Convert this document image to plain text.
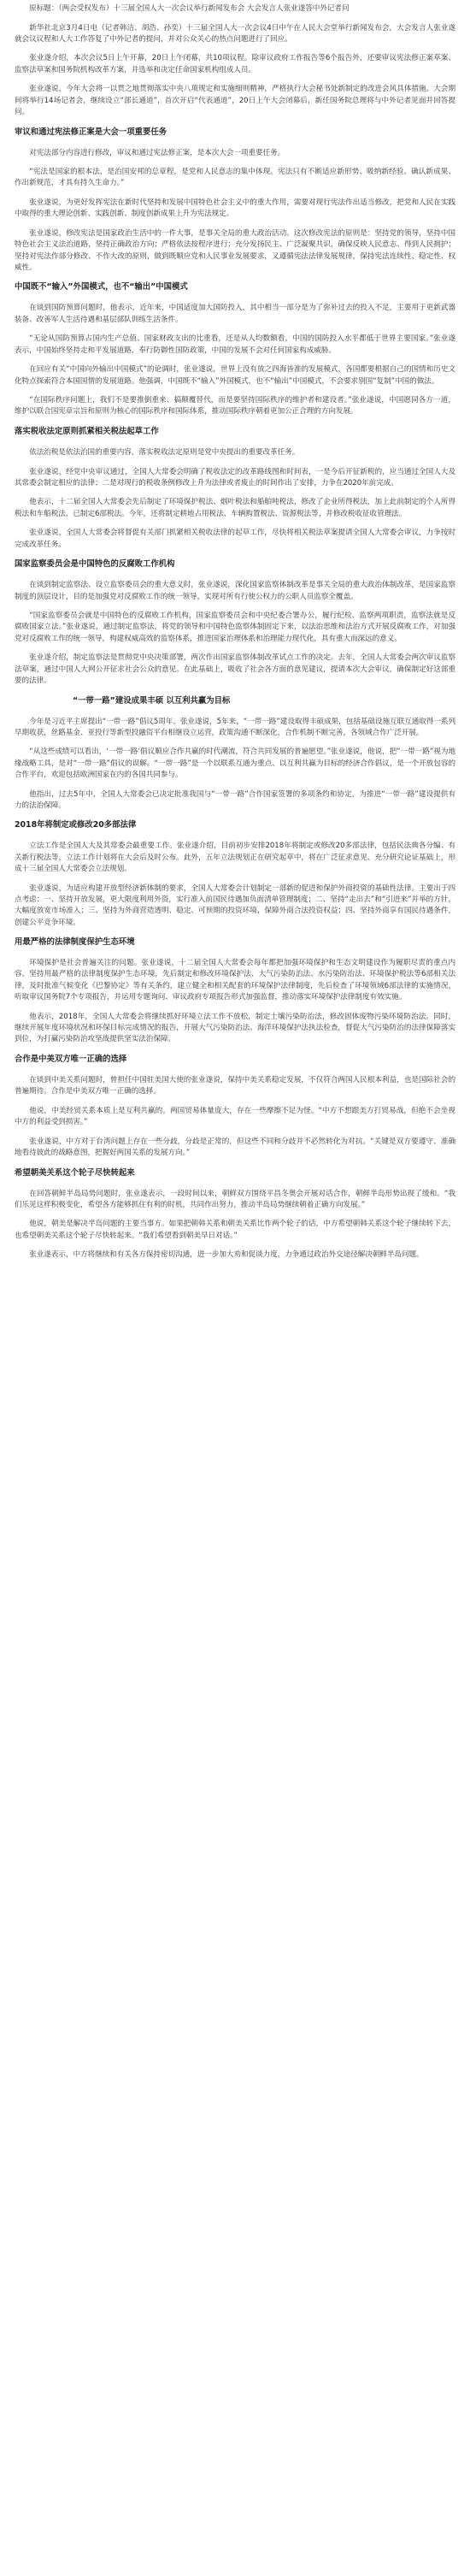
原标题：（两会受权发布）十三届全国人大一次会议举行新闻发布会 大会发言人张业遂答中外记者问

新华社北京3月4日电（记者韩洁、胡浩、孙奕）十三届全国人大一次会议4日中午在人民大会堂举行新闻发布会，大会发言人张业遂就会议议程和人大工作答复了中外记者的提问，并对公众关心的热点问题进行了回应。

张业遂介绍，本次会议5日上午开幕，20日上午闭幕，共10项议程。除审议政府工作报告等6个报告外，还要审议宪法修正案草案、监察法草案和国务院机构改革方案，并选举和决定任命国家机构组成人员。

张业遂说，今年大会将一以贯之地贯彻落实中央八项规定和实施细则精神，严格执行大会秘书处新制定的改进会风具体措施。大会期间将举行14场记者会，继续设立“部长通道”，首次开启“代表通道”，20日上午大会闭幕后，新任国务院总理将与中外记者见面并回答提问。

审议和通过宪法修正案是大会一项重要任务

对宪法部分内容进行修改，审议和通过宪法修正案，是本次大会一项重要任务。

“宪法是国家的根本法，是治国安邦的总章程，是党和人民意志的集中体现。宪法只有不断适应新形势、吸纳新经验、确认新成果、作出新规范，才具有持久生命力。”

张业遂说，为更好发挥宪法在新时代坚持和发展中国特色社会主义中的重大作用，需要对现行宪法作出适当修改，把党和人民在实践中取得的重大理论创新、实践创新、制度创新成果上升为宪法规定。

张业遂说，修改宪法是国家政治生活中的一件大事，是事关全局的重大政治活动。这次修改宪法的原则是：坚持党的领导，坚持中国特色社会主义法治道路，坚持正确政治方向；严格依法按程序进行；充分发扬民主、广泛凝聚共识，确保反映人民意志、得到人民拥护；坚持对宪法作部分修改、不作大改的原则，做到既顺应党和人民事业发展要求，又遵循宪法法律发展规律，保持宪法连续性、稳定性、权威性。

中国既不“输入”外国模式，也不“输出”中国模式

在谈到国防预算问题时，他表示，近年来，中国适度加大国防投入，其中相当一部分是为了弥补过去的投入不足，主要用于更新武器装备、改善军人生活待遇和基层部队训练生活条件。

“无论从国防预算占国内生产总值、国家财政支出的比重看，还是从人均数额看，中国的国防投入水平都低于世界主要国家。”张业遂表示，中国始终坚持走和平发展道路，奉行防御性国防政策，中国的发展不会对任何国家构成威胁。

在回应有关“中国向外输出中国模式”的论调时，张业遂说，世界上没有放之四海皆准的发展模式，各国都要根据自己的国情和历史文化特点探索符合本国国情的发展道路。他强调，中国既不“输入”外国模式，也不“输出”中国模式，不会要求别国“复制”中国的做法。

“在国际秩序问题上，我们不是要推倒重来、搞颠覆替代，而是要坚持国际秩序的维护者和建设者。”张业遂说，中国愿同各方一道，维护以联合国宪章宗旨和原则为核心的国际秩序和国际体系，推动国际秩序朝着更加公正合理的方向发展。

落实税收法定原则抓紧相关税法起草工作

依法治税是依法治国的重要内容，落实税收法定原则是党中央提出的重要改革任务。

张业遂说，经党中央审议通过，全国人大常委会明确了税收法定的改革路线图和时间表，一是今后开征新税的，应当通过全国人大及其常委会制定相应的法律；二是对现行的税收条例修改上升为法律或者废止的时间作出了安排，力争在2020年前完成。

他表示，十二届全国人大常委会先后制定了环境保护税法、烟叶税法和船舶吨税法，修改了企业所得税法，加上此前制定的个人所得税法和车船税法，已制定6部税法。今年，还将制定耕地占用税法、车辆购置税法、资源税法等，并修改税收征收管理法。

张业遂说，全国人大常委会将督促有关部门抓紧相关税收法律的起草工作，尽快将相关税法草案提请全国人大常委会审议，力争按时完成改革任务。

国家监察委员会是中国特色的反腐败工作机构

在谈到制定监察法、设立监察委员会的重大意义时，张业遂说，深化国家监察体制改革是事关全局的重大政治体制改革，是国家监察制度的顶层设计，目的是加强党对反腐败工作的统一领导，实现对所有行使公权力的公职人员监察全覆盖。

“国家监察委员会就是中国特色的反腐败工作机构，国家监察委员会和中央纪委合署办公，履行纪检、监察两项职责，监察法就是反腐败国家立法。”张业遂说，通过制定监察法，将党的领导和中国特色监察体制固定下来，以法治思维和法治方式开展反腐败工作，对加强党对反腐败工作的统一领导，构建权威高效的监察体系，推进国家治理体系和治理能力现代化，具有重大而深远的意义。

张业遂介绍，制定监察法是贯彻党中央决策部署，两次作出国家监察体制改革试点工作的决定。去年，全国人大常委会两次审议监察法草案，通过中国人大网公开征求社会公众的意见。在此基础上，吸收了社会各方面的意见建议，提请本次大会审议，确保制定好这部重要的法律。

“一带一路”建设成果丰硕 以互利共赢为目标

今年是习近平主席提出“一带一路”倡议5周年。张业遂说，5年来，“一带一路”建设取得丰硕成果，包括基础设施互联互通取得一系列早期收获，丝路基金、亚投行等新型投融资平台相继设立运营，政策沟通不断深化，合作机制不断完善，各领域合作广泛开展。

“从这些成绩可以看出，‘一带一路’倡议顺应合作共赢的时代潮流，符合共同发展的普遍愿望。”张业遂说，他说，把“一带一路”视为地缘战略工具，是对“一带一路”倡议的误解。“一带一路”是一个以联系互通为重点、以互利共赢为目标的经济合作倡议，是一个开放包容的合作平台，欢迎包括欧洲国家在内的各国共同参与。

他指出，过去5年中，全国人大常委会已决定批准我国与“一带一路”合作国家签署的多项条约和协定，为推进“一带一路”建设提供有力的法治保障。

2018年将制定或修改20多部法律

立法工作是全国人大及其常委会最重要工作。张业遂介绍，目前初步安排2018年将制定或修改20多部法律，包括民法典各分编、有关新行税法等，立法工作计划将在大会后及时公布。此外，五年立法规划正在研究起草中，将在广泛征求意见、充分研究论证基础上，形成十三届全国人大常委会立法规划。

张业遂说，为适应构建开放型经济新体制的要求，全国人大常委会计划制定一部新的促进和保护外商投资的基础性法律。主要出于四点考虑：一、坚持开放发展，更大限度利用外资，实行准入前国民待遇加负面清单管理制度；二、坚持“走出去”和“引进来”并举的方针，大幅度放宽市场准入；三、坚持为外商营造透明、稳定、可预期的投资环境，保障外商合法投资权益；四、坚持外商享有国民待遇条件，创建公平竞争环境。

用最严格的法律制度保护生态环境

环境保护是社会普遍关注的问题。张业遂说，十二届全国人大常委会每年都把加强环境保护和生态文明建设作为履职尽责的重点内容。坚持用最严格的法律制度保护生态环境，先后制定和修改环境保护法、大气污染防治法、水污染防治法、环境保护税法等6部相关法律，及时批准气候变化《巴黎协定》等有关条约，建立健全和相关配套的环境保护法律制度，先后检查了环境领域6部法律的实施情况，听取审议国务院7个专项报告，并运用专题询问、审议政府专项报告形式加强监督，推动落实环境保护法律制度有效实施。

他表示，2018年，全国人大常委会将继续抓好环境立法工作不放松，制定土壤污染防治法，修改固体废物污染环境防治法。同时，继续开展年度环境状况和环保目标完成情况的报告，开展大气污染防治法、海洋环境保护法执法检查，督促大气污染防治的法律保障落实到位，为打赢污染防治攻坚战提供坚实法治保障。

合作是中美双方唯一正确的选择

在谈到中美关系问题时，曾担任中国驻美国大使的张业遂说，保持中美关系稳定发展，不仅符合两国人民根本利益，也是国际社会的普遍期待。合作是中美双方唯一正确的选择。

他说，中美经贸关系本质上是互利共赢的。两国贸易体量庞大，存在一些摩擦不足为怪。“中方不想跟美方打贸易战，但绝不会坐视中方的利益受到损害。”

张业遂说，中方对于台湾问题上存在一些分歧，分歧是正常的，但这些不同和分歧并不必然转化为对抗。“关键是双方要遵守、准确地看待彼此的战略意图，把握好两国关系的发展方向。”

希望朝美关系这个轮子尽快转起来

在回答朝鲜半岛局势问题时，张业遂表示，一段时间以来，朝鲜双方围绕平昌冬奥会开展对话合作，朝鲜半岛形势出现了缓和。“我们乐见这样积极变化，希望各方能够抓住有利的时机，共同作出努力，推动半岛局势继续朝着正确方向发展。”

他说，朝美是解决半岛问题的主要当事方。如果把朝韩关系和朝美关系比作两个轮子的话，中方希望朝韩关系这个轮子继续转下去，也希望朝美关系这个轮子尽快转起来。“我们希望看到朝美早日对话。”

张业遂表示，中方将继续和有关各方保持密切沟通，进一步加大劝和促谈力度，力争通过政治外交途径解决朝鲜半岛问题。
